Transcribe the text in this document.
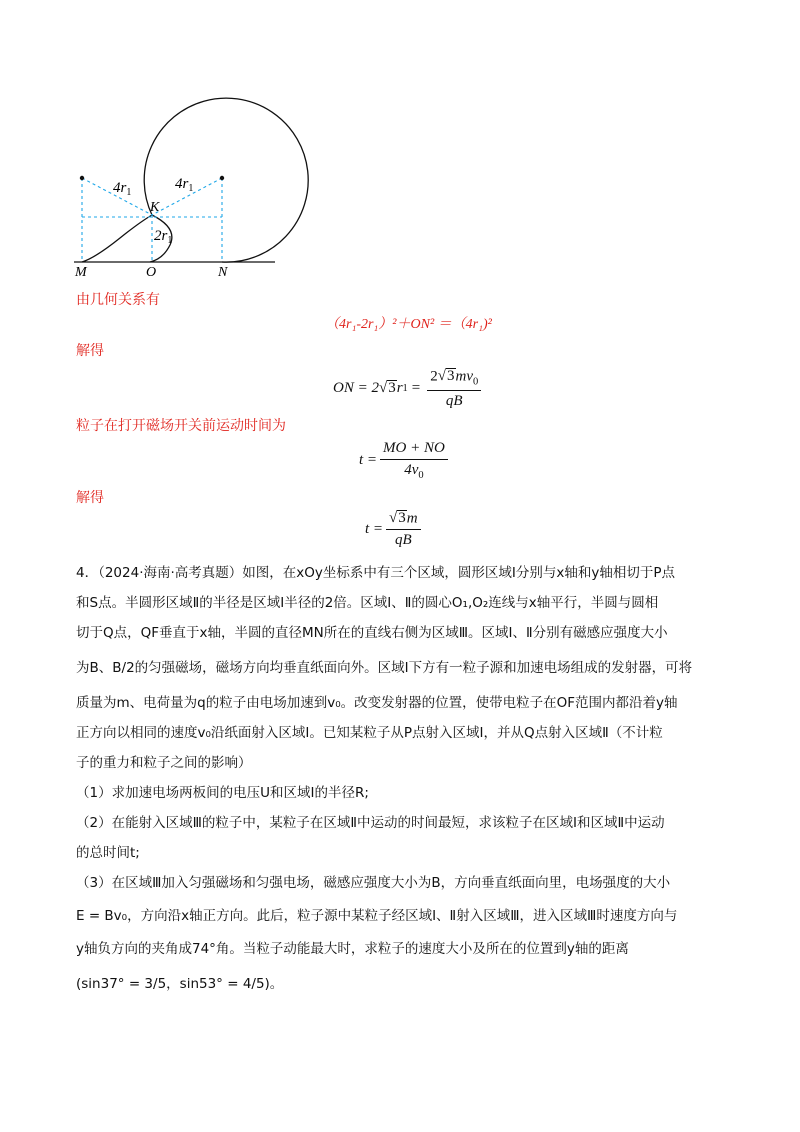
$4r_1$
$4r_1$
K
$2r_1$
M	O	N
由几何关系有
（4r₁-2r₁）²＋ON² ＝（4r₁)²
解得
ON = 2 √ 3 r $1 = \frac{2 √ 3 mv_0}{qB}$
粒子在打开磁场开关前运动时间为
$t = \frac{MO + NO}{4v_0}$
解得
$t = \frac{√ 3 m}{qB}$
4．（2024·海南·高考真题）如图，在xOy坐标系中有三个区域，圆形区域Ⅰ分别与x轴和y轴相切于P点
和S点。半圆形区域Ⅱ的半径是区域Ⅰ半径的2倍。区域Ⅰ、Ⅱ的圆心O₁,O₂连线与x轴平行，半圆与圆相
切于Q点，QF垂直于x轴，半圆的直径MN所在的直线右侧为区域Ⅲ。区域Ⅰ、Ⅱ分别有磁感应强度大小
为B、B/2的匀强磁场，磁场方向均垂直纸面向外。区域Ⅰ下方有一粒子源和加速电场组成的发射器，可将
质量为m、电荷量为q的粒子由电场加速到v₀。改变发射器的位置，使带电粒子在OF范围内都沿着y轴
正方向以相同的速度v₀沿纸面射入区域Ⅰ。已知某粒子从P点射入区域Ⅰ，并从Q点射入区域Ⅱ（不计粒
子的重力和粒子之间的影响）
（1）求加速电场两板间的电压U和区域Ⅰ的半径R;
（2）在能射入区域Ⅲ的粒子中，某粒子在区域Ⅱ中运动的时间最短，求该粒子在区域Ⅰ和区域Ⅱ中运动
的总时间t;
（3）在区域Ⅲ加入匀强磁场和匀强电场，磁感应强度大小为B，方向垂直纸面向里，电场强度的大小
E = Bv₀，方向沿x轴正方向。此后，粒子源中某粒子经区域Ⅰ、Ⅱ射入区域Ⅲ，进入区域Ⅲ时速度方向与
y轴负方向的夹角成74°角。当粒子动能最大时，求粒子的速度大小及所在的位置到y轴的距离
(sin37° = 3/5，sin53° = 4/5)。
